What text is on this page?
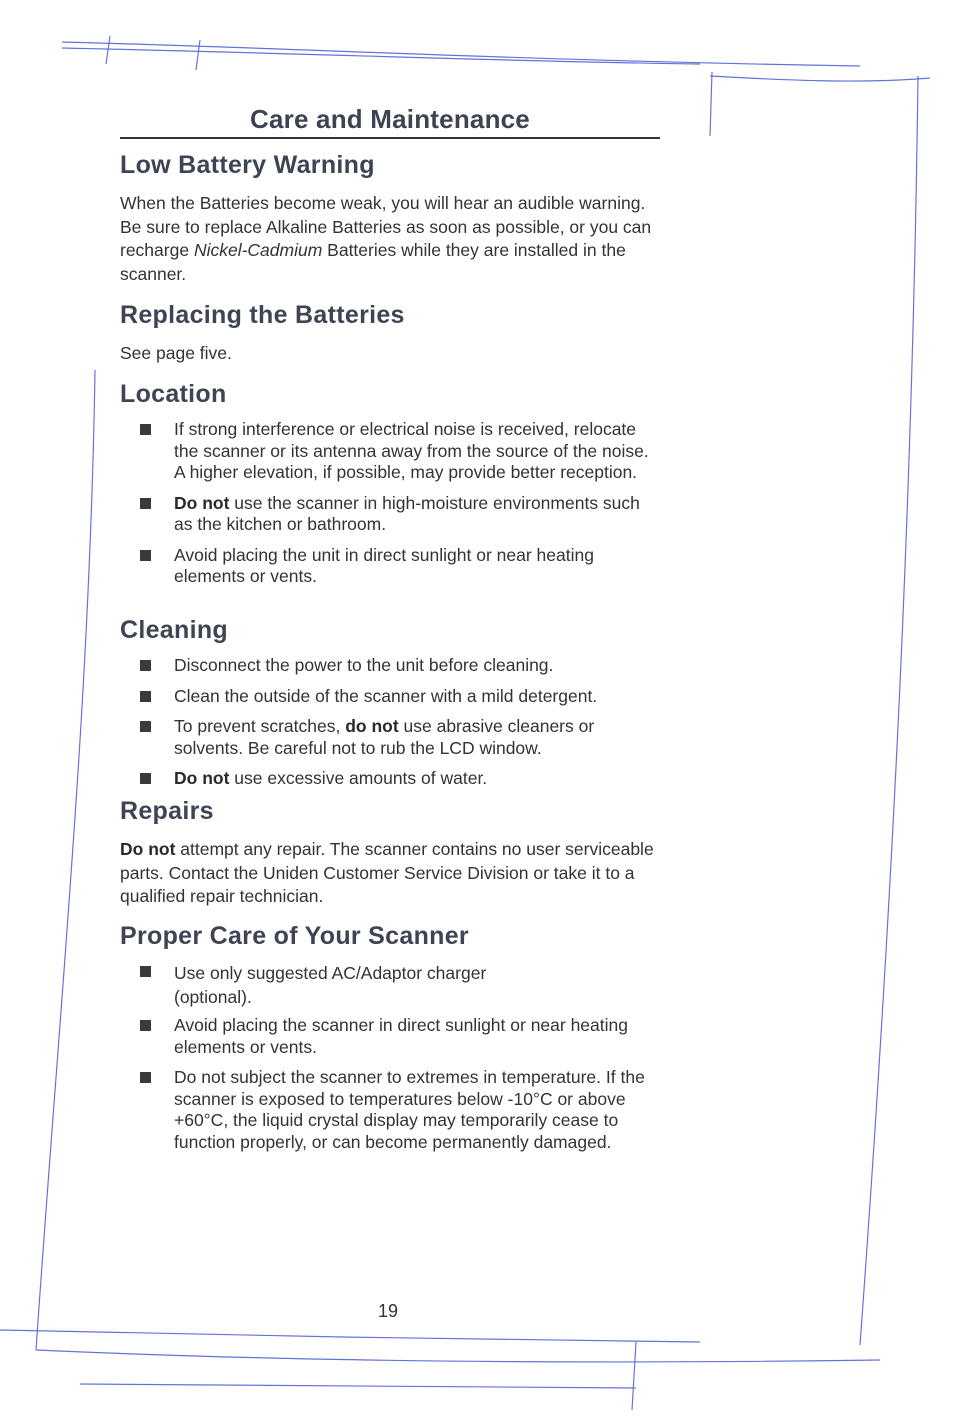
Care and Maintenance
Low Battery Warning

When the Batteries become weak, you will hear an audible warning. Be sure to replace Alkaline Batteries as soon as possible, or you can recharge Nickel-Cadmium Batteries while they are installed in the scanner.

Replacing the Batteries

See page five.

Location
If strong interference or electrical noise is received, relocate the scanner or its antenna away from the source of the noise. A higher elevation, if possible, may provide better reception.
Do not use the scanner in high-moisture environments such as the kitchen or bathroom.
Avoid placing the unit in direct sunlight or near heating elements or vents.
Cleaning
Disconnect the power to the unit before cleaning.
Clean the outside of the scanner with a mild detergent.
To prevent scratches, do not use abrasive cleaners or solvents. Be careful not to rub the LCD window.
Do not use excessive amounts of water.
Repairs

Do not attempt any repair. The scanner contains no user serviceable parts. Contact the Uniden Customer Service Division or take it to a qualified repair technician.

Proper Care of Your Scanner
Use only suggested AC/Adaptor charger (optional).
Avoid placing the scanner in direct sunlight or near heating elements or vents.
Do not subject the scanner to extremes in temperature. If the scanner is exposed to temperatures below -10°C or above +60°C, the liquid crystal display may temporarily cease to function properly, or can become permanently damaged.
19
